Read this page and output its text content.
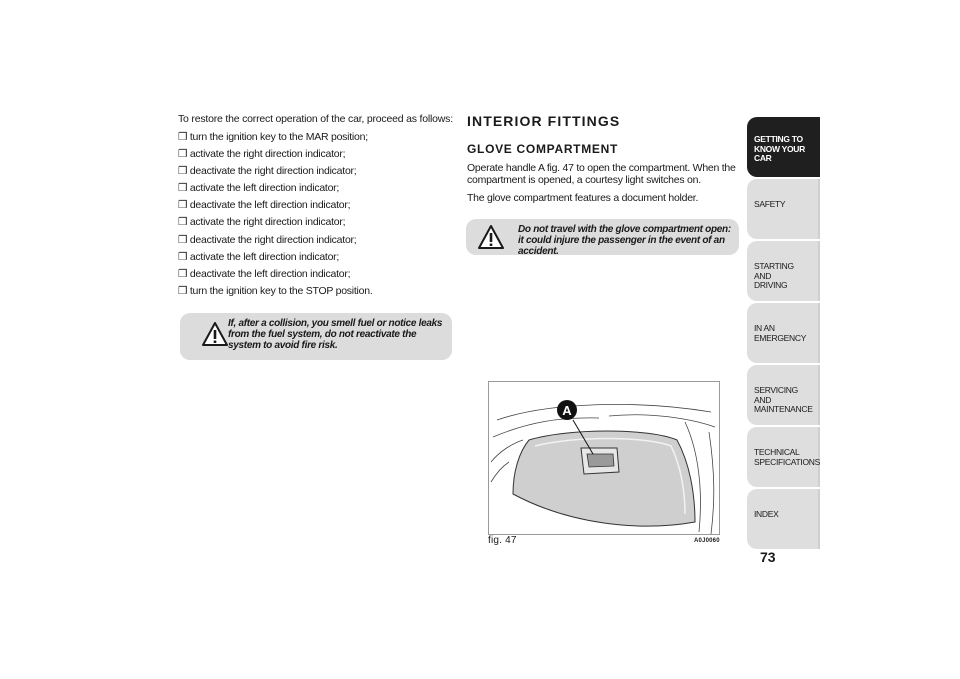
To restore the correct operation of the car, proceed as follows:

❒ turn the ignition key to the MAR position;
❒ activate the right direction indicator;
❒ deactivate the right direction indicator;
❒ activate the left direction indicator;
❒ deactivate the left direction indicator;
❒ activate the right direction indicator;
❒ deactivate the right direction indicator;
❒ activate the left direction indicator;
❒ deactivate the left direction indicator;
❒ turn the ignition key to the STOP position.
If, after a collision, you smell fuel or notice leaks from the fuel system, do not reactivate the system to avoid fire risk.
INTERIOR FITTINGS
GLOVE COMPARTMENT

Operate handle A fig. 47 to open the compartment. When the compartment is opened, a courtesy light switches on.

The glove compartment features a document holder.

Do not travel with the glove compartment open: it could injure the passenger in the event of an accident.
A
fig. 47	A0J0060
GETTING TO KNOW YOUR CAR
SAFETY
STARTING AND DRIVING
IN AN EMERGENCY
SERVICING AND MAINTENANCE
TECHNICAL SPECIFICATIONS
INDEX
73
